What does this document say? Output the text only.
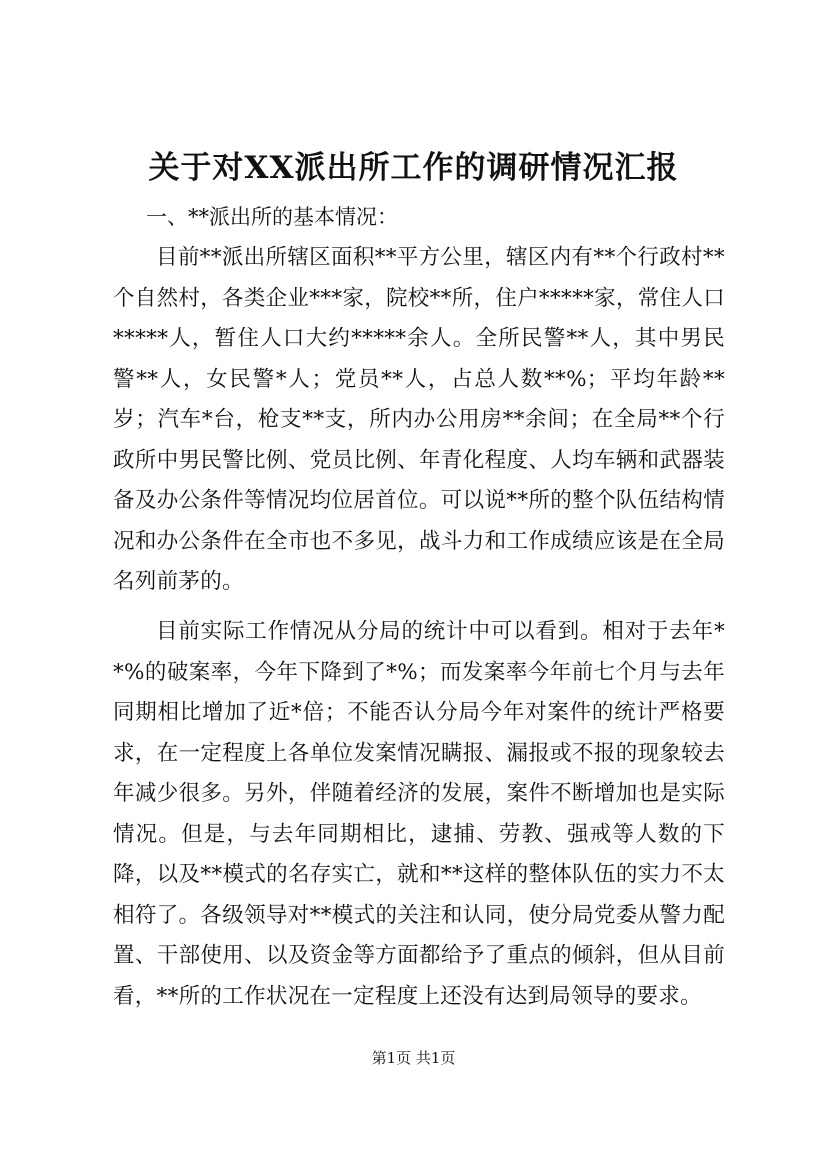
关于对XX派出所工作的调研情况汇报
一、**派出所的基本情况：
目前**派出所辖区面积**平方公里，辖区内有**个行政村**个自然村，各类企业***家，院校**所，住户*****家，常住人口*****人，暂住人口大约*****余人。全所民警**人，其中男民警**人，女民警*人；党员**人，占总人数**%；平均年龄**岁；汽车*台，枪支**支，所内办公用房**余间；在全局**个行政所中男民警比例、党员比例、年青化程度、人均车辆和武器装备及办公条件等情况均位居首位。可以说**所的整个队伍结构情况和办公条件在全市也不多见，战斗力和工作成绩应该是在全局名列前茅的。
目前实际工作情况从分局的统计中可以看到。相对于去年**%的破案率，今年下降到了*%；而发案率今年前七个月与去年同期相比增加了近*倍；不能否认分局今年对案件的统计严格要求，在一定程度上各单位发案情况瞒报、漏报或不报的现象较去年减少很多。另外，伴随着经济的发展，案件不断增加也是实际情况。但是，与去年同期相比，逮捕、劳教、强戒等人数的下降，以及**模式的名存实亡，就和**这样的整体队伍的实力不太相符了。各级领导对**模式的关注和认同，使分局党委从警力配置、干部使用、以及资金等方面都给予了重点的倾斜，但从目前看，**所的工作状况在一定程度上还没有达到局领导的要求。
第1页 共1页
